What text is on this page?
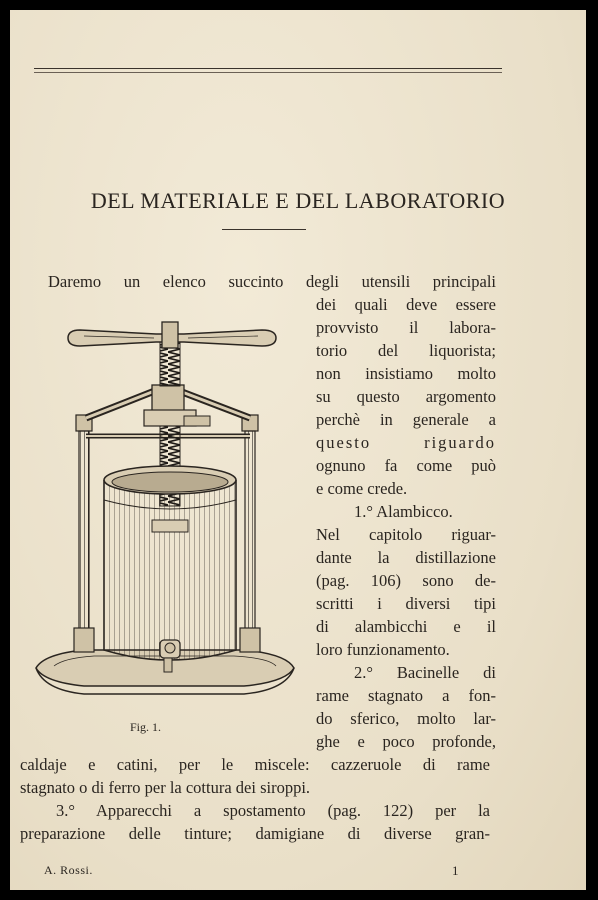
DEL MATERIALE E DEL LABORATORIO
Daremo un elenco succinto degli utensili principali
dei quali deve essere
provvisto il labora-
torio del liquorista;
non insistiamo molto
su questo argomento
perchè in generale a
questo riguardo
ognuno fa come può
e come crede.
1.° Alambicco.
Nel capitolo riguar-
dante la distillazione
(pag. 106) sono de-
scritti i diversi tipi
di alambicchi e il
loro funzionamento.
2.° Bacinelle di
rame stagnato a fon-
do sferico, molto lar-
ghe e poco profonde,
caldaje e catini, per le miscele: cazzeruole di rame
stagnato o di ferro per la cottura dei siroppi.
3.° Apparecchi a spostamento (pag. 122) per la
preparazione delle tinture; damigiane di diverse gran-
Fig. 1.
A. Rossi.	1
